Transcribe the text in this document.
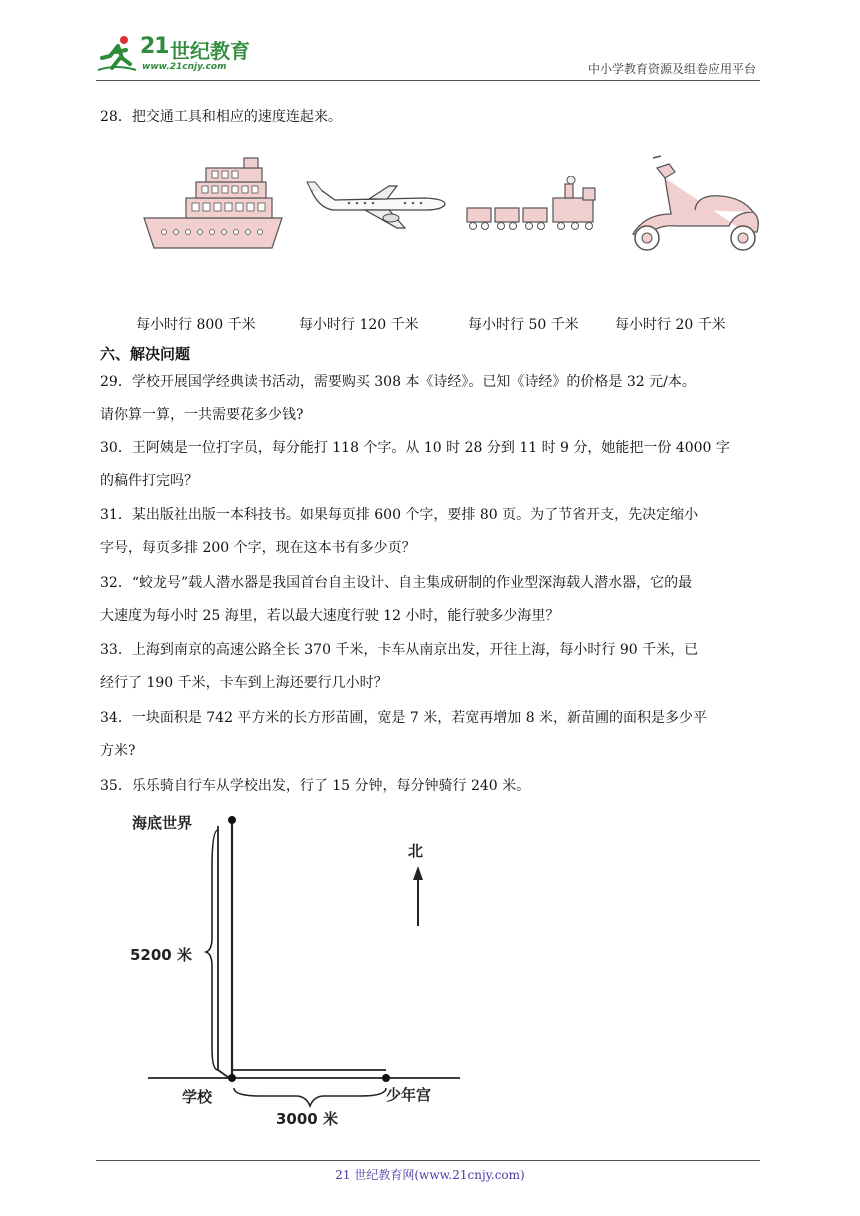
21 世纪教育
www.21cnjy.com	中小学教育资源及组卷应用平台
28．把交通工具和相应的速度连起来。
每小时行 800 千米	每小时行 120 千米	每小时行 50 千米	每小时行 20 千米
六、解决问题
29．学校开展国学经典读书活动，需要购买 308 本《诗经》。已知《诗经》的价格是 32 元/本。
请你算一算，一共需要花多少钱?
30．王阿姨是一位打字员，每分能打 118 个字。从 10 时 28 分到 11 时 9 分，她能把一份 4000 字
的稿件打完吗？
31．某出版社出版一本科技书。如果每页排 600 个字，要排 80 页。为了节省开支，先决定缩小
字号，每页多排 200 个字，现在这本书有多少页？
32．“蛟龙号”载人潜水器是我国首台自主设计、自主集成研制的作业型深海载人潜水器，它的最
大速度为每小时 25 海里，若以最大速度行驶 12 小时，能行驶多少海里？
33．上海到南京的高速公路全长 370 千米，卡车从南京出发，开往上海，每小时行 90 千米，已
经行了 190 千米，卡车到上海还要行几小时？
34．一块面积是 742 平方米的长方形苗圃，宽是 7 米，若宽再增加 8 米，新苗圃的面积是多少平
方米?
35．乐乐骑自行车从学校出发，行了 15 分钟，每分钟骑行 240 米。
海底世界
5200 米
北
学校
3000 米
少年宫
21 世纪教育网(www.21cnjy.com)
